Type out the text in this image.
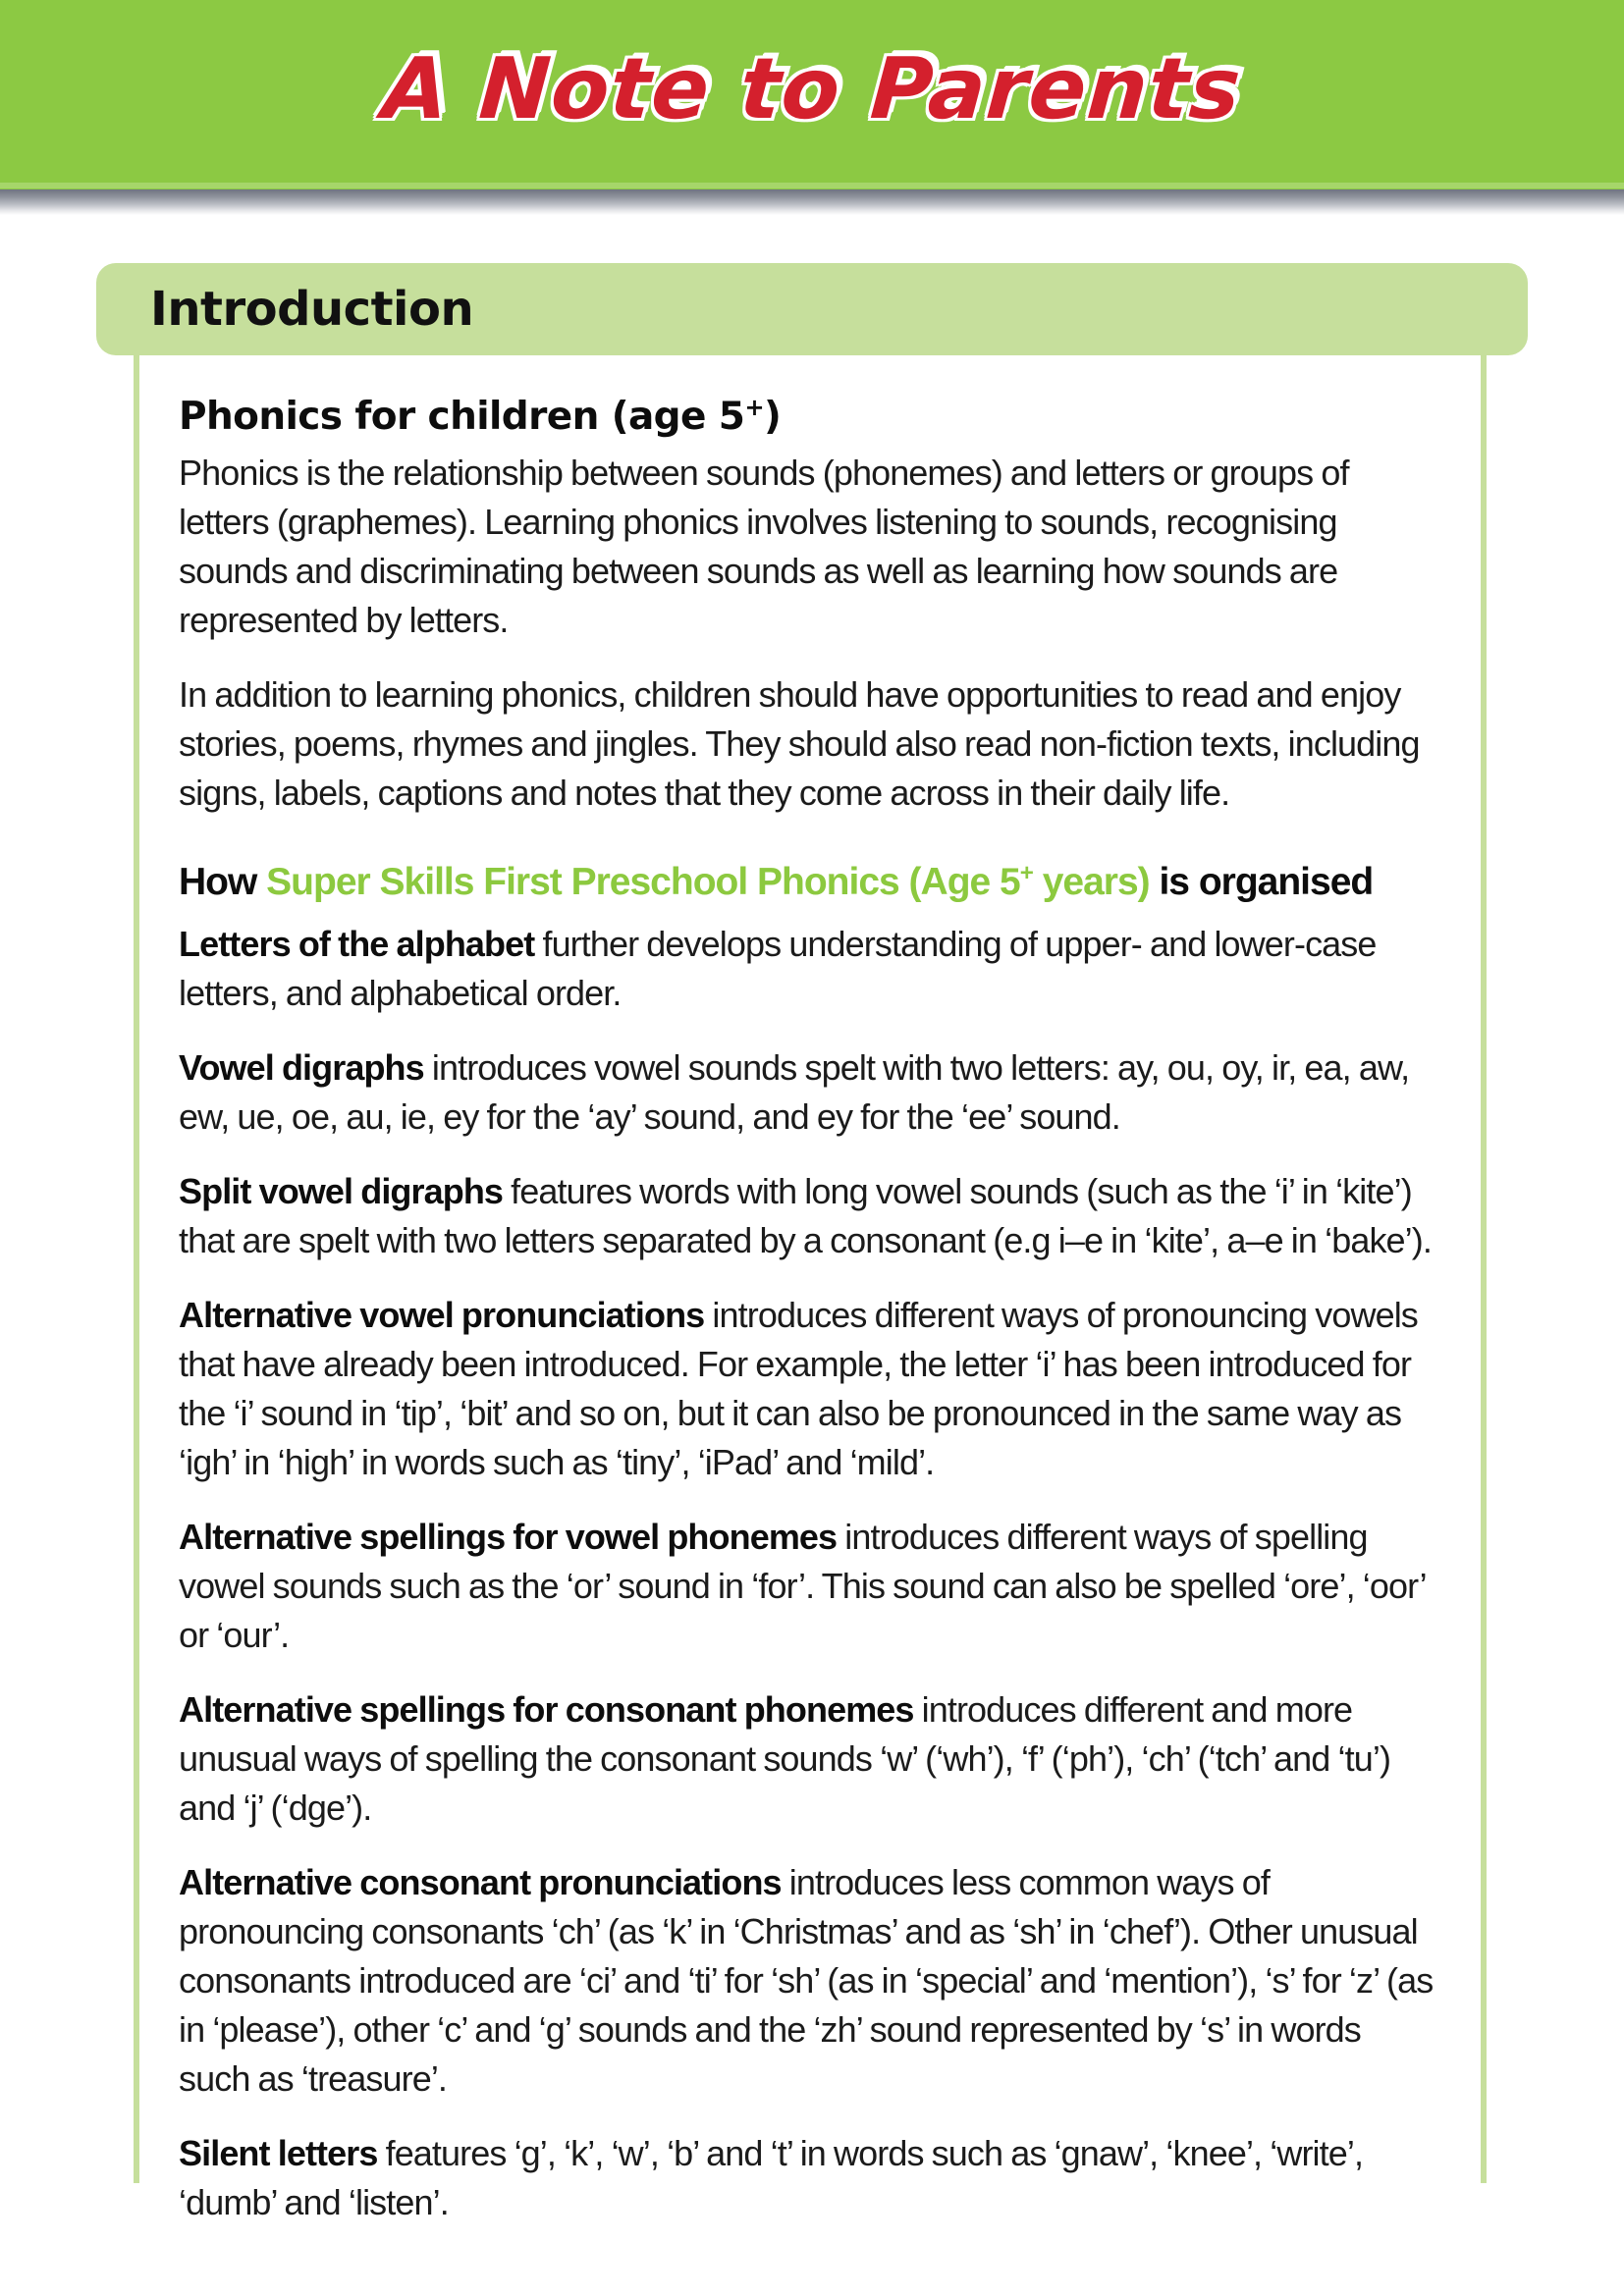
A Note to Parents
Introduction
Phonics for children (age 5+)

Phonics is the relationship between sounds (phonemes) and letters or groups of letters (graphemes). Learning phonics involves listening to sounds, recognising sounds and discriminating between sounds as well as learning how sounds are represented by letters.

In addition to learning phonics, children should have opportunities to read and enjoy stories, poems, rhymes and jingles. They should also read non-fiction texts, including signs, labels, captions and notes that they come across in their daily life.

How Super Skills First Preschool Phonics (Age 5+ years) is organised

Letters of the alphabet further develops understanding of upper- and lower-case letters, and alphabetical order.

Vowel digraphs introduces vowel sounds spelt with two letters: ay, ou, oy, ir, ea, aw, ew, ue, oe, au, ie, ey for the ‘ay’ sound, and ey for the ‘ee’ sound.

Split vowel digraphs features words with long vowel sounds (such as the ‘i’ in ‘kite’) that are spelt with two letters separated by a consonant (e.g i–e in ‘kite’, a–e in ‘bake’).

Alternative vowel pronunciations introduces different ways of pronouncing vowels that have already been introduced. For example, the letter ‘i’ has been introduced for the ‘i’ sound in ‘tip’, ‘bit’ and so on, but it can also be pronounced in the same way as ‘igh’ in ‘high’ in words such as ‘tiny’, ‘iPad’ and ‘mild’.

Alternative spellings for vowel phonemes introduces different ways of spelling vowel sounds such as the ‘or’ sound in ‘for’. This sound can also be spelled ‘ore’, ‘oor’ or ‘our’.

Alternative spellings for consonant phonemes introduces different and more unusual ways of spelling the consonant sounds ‘w’ (‘wh’), ‘f’ (‘ph’), ‘ch’ (‘tch’ and ‘tu’) and ‘j’ (‘dge’).

Alternative consonant pronunciations introduces less common ways of pronouncing consonants ‘ch’ (as ‘k’ in ‘Christmas’ and as ‘sh’ in ‘chef’). Other unusual consonants introduced are ‘ci’ and ‘ti’ for ‘sh’ (as in ‘special’ and ‘mention’), ‘s’ for ‘z’ (as in ‘please’), other ‘c’ and ‘g’ sounds and the ‘zh’ sound represented by ‘s’ in words such as ‘treasure’.

Silent letters features ‘g’, ‘k’, ‘w’, ‘b’ and ‘t’ in words such as ‘gnaw’, ‘knee’, ‘write’, ‘dumb’ and ‘listen’.
